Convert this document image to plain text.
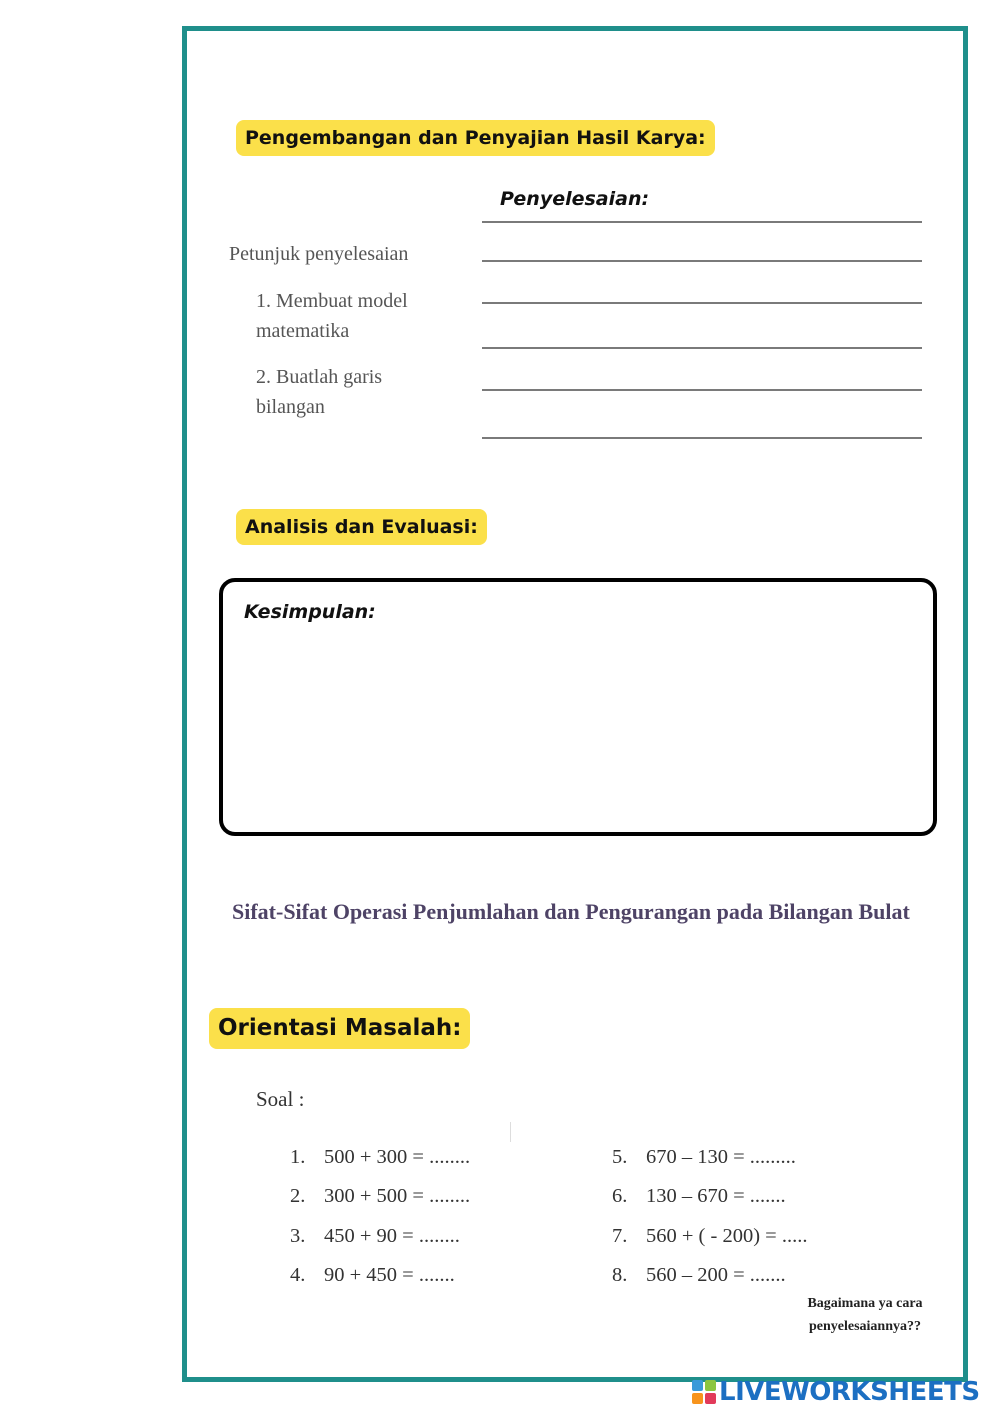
Pengembangan dan Penyajian Hasil Karya:
Penyelesaian:
Petunjuk penyelesaian
1. Membuat model
matematika
2. Buatlah garis
bilangan
Analisis dan Evaluasi:
Kesimpulan:
Sifat-Sifat Operasi Penjumlahan dan Pengurangan pada Bilangan Bulat
Orientasi Masalah:
Soal :
1. 500 + 300 = ........
2. 300 + 500 = ........
3. 450 + 90 = ........
4. 90 + 450 = .......
5. 670 – 130 = .........
6. 130 – 670 = .......
7. 560 + ( - 200) = .....
8. 560 – 200 = .......
Bagaimana ya cara
penyelesaiannya??
LIVEWORKSHEETS
